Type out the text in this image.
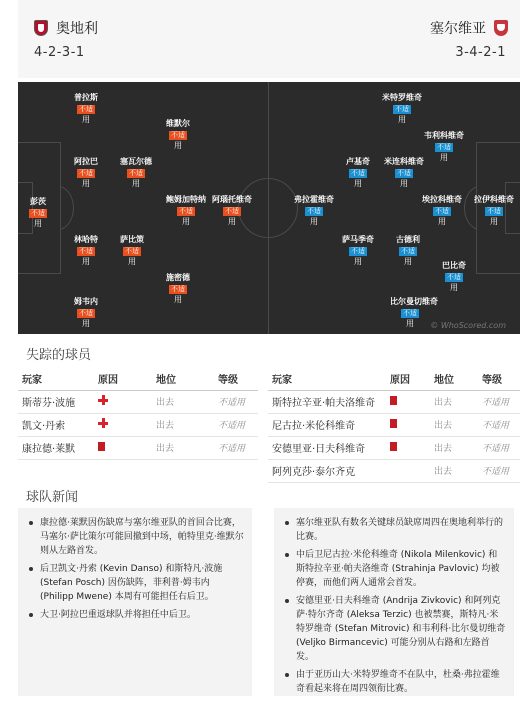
奥地利	塞尔维亚
4-2-3-1	3-4-2-1
普拉斯
不适
用	维默尔
不适
用
阿拉巴
不适
用
塞瓦尔德
不适
用
彭茨
不适
用
鲍姆加特纳
不适
用
阿瑙托维奇
不适
用
林哈特
不适
用
萨比策
不适
用
施密德
不适
用
姆韦内
不适
用
米特罗维奇
不适
用
韦利科维奇
不适
用
卢基奇
不适
用
米连科维奇
不适
用
弗拉霍维奇
不适
用
埃拉科维奇
不适
用
拉伊科维奇
不适
用
萨马季奇
不适
用
古德利
不适
用	巴比奇
不适
用
比尔曼切维奇
不适
用	© WhoScored.com
失踪的球员
玩家	原因	地位	等级
斯蒂芬·波施		出去	不适用
凯文·丹索		出去	不适用
康拉德·莱默		出去	不适用
玩家	原因	地位	等级
斯特拉辛亚·帕夫洛维奇		出去	不适用
尼古拉·米伦科维奇		出去	不适用
安德里亚·日夫科维奇		出去	不适用
阿列克莎·泰尔齐克		出去	不适用
球队新闻
康拉德·莱默因伤缺席与塞尔维亚队的首回合比赛，马塞尔·萨比策尔可能回撤到中场，帕特里克·维默尔则从左路首发。
后卫凯文·丹索 (Kevin Danso) 和斯特凡·波施 (Stefan Posch) 因伤缺阵，菲利普·姆韦内 (Philipp Mwene) 本周有可能担任右后卫。
大卫·阿拉巴重返球队并将担任中后卫。
塞尔维亚队有数名关键球员缺席周四在奥地利举行的比赛。
中后卫尼古拉·米伦科维奇 (Nikola Milenkovic) 和斯特拉辛亚·帕夫洛维奇 (Strahinja Pavlovic) 均被停赛，而他们两人通常会首发。
安德里亚·日夫科维奇 (Andrija Zivkovic) 和阿列克萨·特尔齐奇 (Aleksa Terzic) 也被禁赛，斯特凡·米特罗维奇 (Stefan Mitrovic) 和韦利科·比尔曼切维奇 (Veljko Birmancevic) 可能分别从右路和左路首发。
由于亚历山大·米特罗维奇不在队中，杜桑·弗拉霍维奇看起来将在周四领衔比赛。
